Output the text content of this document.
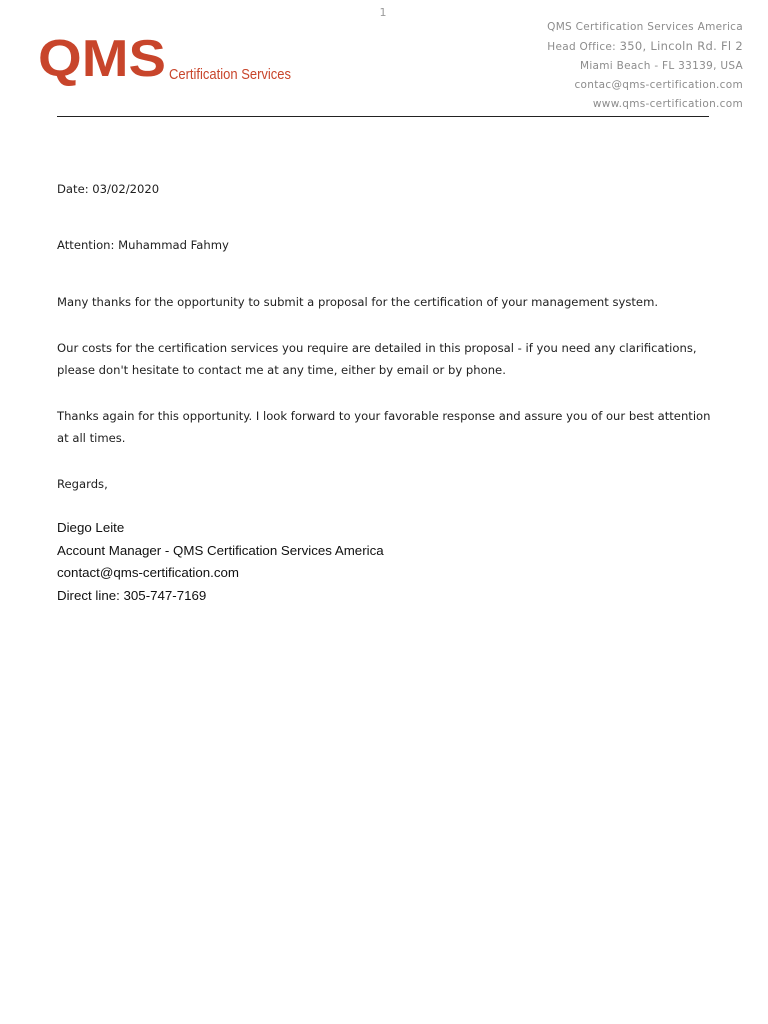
1
QMS Certification Services
QMS Certification Services America
Head Office: 350, Lincoln Rd. Fl 2
Miami Beach - FL 33139, USA
contac@qms-certification.com
www.qms-certification.com

Date: 03/02/2020

Attention: Muhammad Fahmy

Many thanks for the opportunity to submit a proposal for the certification of your management system.

Our costs for the certification services you require are detailed in this proposal - if you need any clarifications, please don't hesitate to contact me at any time, either by email or by phone.

Thanks again for this opportunity. I look forward to your favorable response and assure you of our best attention at all times.

Regards,

Diego Leite
Account Manager - QMS Certification Services America
contact@qms-certification.com
Direct line: 305-747-7169
